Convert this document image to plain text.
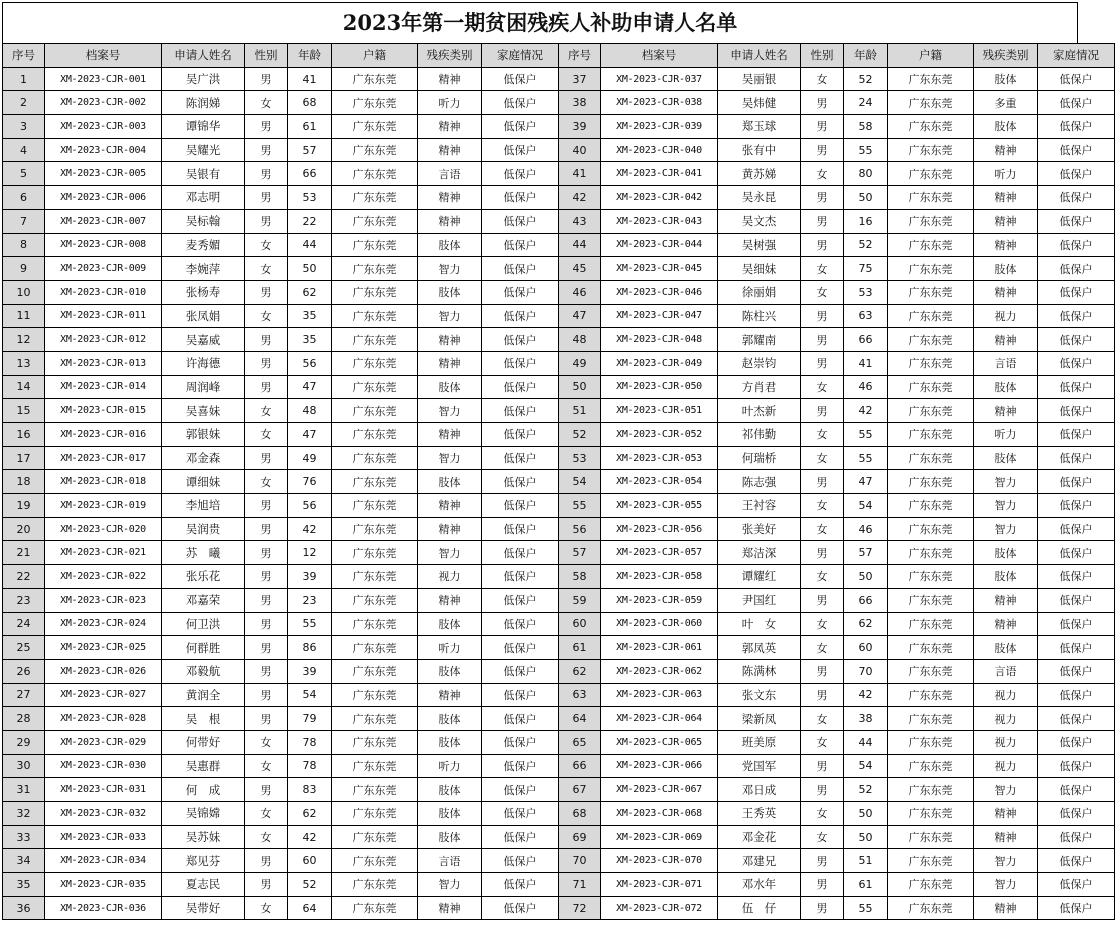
2023年第一期贫困残疾人补助申请人名单
序号	档案号	申请人姓名	性别	年龄	户籍	残疾类别	家庭情况	序号	档案号	申请人姓名	性别	年龄	户籍	残疾类别	家庭情况
1	XM-2023-CJR-001	吴广洪	男	41	广东东莞	精神	低保户	37	XM-2023-CJR-037	吴丽银	女	52	广东东莞	肢体	低保户
2	XM-2023-CJR-002	陈润娣	女	68	广东东莞	听力	低保户	38	XM-2023-CJR-038	吴炜健	男	24	广东东莞	多重	低保户
3	XM-2023-CJR-003	谭锦华	男	61	广东东莞	精神	低保户	39	XM-2023-CJR-039	郑玉球	男	58	广东东莞	肢体	低保户
4	XM-2023-CJR-004	吴耀光	男	57	广东东莞	精神	低保户	40	XM-2023-CJR-040	张有中	男	55	广东东莞	精神	低保户
5	XM-2023-CJR-005	吴银有	男	66	广东东莞	言语	低保户	41	XM-2023-CJR-041	黄苏娣	女	80	广东东莞	听力	低保户
6	XM-2023-CJR-006	邓志明	男	53	广东东莞	精神	低保户	42	XM-2023-CJR-042	吴永昆	男	50	广东东莞	精神	低保户
7	XM-2023-CJR-007	吴标翰	男	22	广东东莞	精神	低保户	43	XM-2023-CJR-043	吴文杰	男	16	广东东莞	精神	低保户
8	XM-2023-CJR-008	麦秀媚	女	44	广东东莞	肢体	低保户	44	XM-2023-CJR-044	吴树强	男	52	广东东莞	精神	低保户
9	XM-2023-CJR-009	李婉萍	女	50	广东东莞	智力	低保户	45	XM-2023-CJR-045	吴细妹	女	75	广东东莞	肢体	低保户
10	XM-2023-CJR-010	张杨寿	男	62	广东东莞	肢体	低保户	46	XM-2023-CJR-046	徐丽娟	女	53	广东东莞	精神	低保户
11	XM-2023-CJR-011	张凤娟	女	35	广东东莞	智力	低保户	47	XM-2023-CJR-047	陈柱兴	男	63	广东东莞	视力	低保户
12	XM-2023-CJR-012	吴嘉威	男	35	广东东莞	精神	低保户	48	XM-2023-CJR-048	郭耀南	男	66	广东东莞	精神	低保户
13	XM-2023-CJR-013	许海德	男	56	广东东莞	精神	低保户	49	XM-2023-CJR-049	赵崇钧	男	41	广东东莞	言语	低保户
14	XM-2023-CJR-014	周润峰	男	47	广东东莞	肢体	低保户	50	XM-2023-CJR-050	方肖君	女	46	广东东莞	肢体	低保户
15	XM-2023-CJR-015	吴喜妹	女	48	广东东莞	智力	低保户	51	XM-2023-CJR-051	叶杰新	男	42	广东东莞	精神	低保户
16	XM-2023-CJR-016	郭银妹	女	47	广东东莞	精神	低保户	52	XM-2023-CJR-052	祁伟勤	女	55	广东东莞	听力	低保户
17	XM-2023-CJR-017	邓金森	男	49	广东东莞	智力	低保户	53	XM-2023-CJR-053	何瑞桥	女	55	广东东莞	肢体	低保户
18	XM-2023-CJR-018	谭细妹	女	76	广东东莞	肢体	低保户	54	XM-2023-CJR-054	陈志强	男	47	广东东莞	智力	低保户
19	XM-2023-CJR-019	李旭培	男	56	广东东莞	精神	低保户	55	XM-2023-CJR-055	王衬容	女	54	广东东莞	智力	低保户
20	XM-2023-CJR-020	吴润贵	男	42	广东东莞	精神	低保户	56	XM-2023-CJR-056	张美好	女	46	广东东莞	智力	低保户
21	XM-2023-CJR-021	苏　曦	男	12	广东东莞	智力	低保户	57	XM-2023-CJR-057	郑洁深	男	57	广东东莞	肢体	低保户
22	XM-2023-CJR-022	张乐花	男	39	广东东莞	视力	低保户	58	XM-2023-CJR-058	谭耀红	女	50	广东东莞	肢体	低保户
23	XM-2023-CJR-023	邓嘉荣	男	23	广东东莞	精神	低保户	59	XM-2023-CJR-059	尹国红	男	66	广东东莞	精神	低保户
24	XM-2023-CJR-024	何卫洪	男	55	广东东莞	肢体	低保户	60	XM-2023-CJR-060	叶　女	女	62	广东东莞	精神	低保户
25	XM-2023-CJR-025	何群胜	男	86	广东东莞	听力	低保户	61	XM-2023-CJR-061	郭凤英	女	60	广东东莞	肢体	低保户
26	XM-2023-CJR-026	邓毅航	男	39	广东东莞	肢体	低保户	62	XM-2023-CJR-062	陈满林	男	70	广东东莞	言语	低保户
27	XM-2023-CJR-027	黄润全	男	54	广东东莞	精神	低保户	63	XM-2023-CJR-063	张文东	男	42	广东东莞	视力	低保户
28	XM-2023-CJR-028	吴　根	男	79	广东东莞	肢体	低保户	64	XM-2023-CJR-064	梁新凤	女	38	广东东莞	视力	低保户
29	XM-2023-CJR-029	何带好	女	78	广东东莞	肢体	低保户	65	XM-2023-CJR-065	班美原	女	44	广东东莞	视力	低保户
30	XM-2023-CJR-030	吴惠群	女	78	广东东莞	听力	低保户	66	XM-2023-CJR-066	党国军	男	54	广东东莞	视力	低保户
31	XM-2023-CJR-031	何　成	男	83	广东东莞	肢体	低保户	67	XM-2023-CJR-067	邓日成	男	52	广东东莞	智力	低保户
32	XM-2023-CJR-032	吴锦嫦	女	62	广东东莞	肢体	低保户	68	XM-2023-CJR-068	王秀英	女	50	广东东莞	精神	低保户
33	XM-2023-CJR-033	吴苏妹	女	42	广东东莞	肢体	低保户	69	XM-2023-CJR-069	邓金花	女	50	广东东莞	精神	低保户
34	XM-2023-CJR-034	郑见芬	男	60	广东东莞	言语	低保户	70	XM-2023-CJR-070	邓建兄	男	51	广东东莞	智力	低保户
35	XM-2023-CJR-035	夏志民	男	52	广东东莞	智力	低保户	71	XM-2023-CJR-071	邓水年	男	61	广东东莞	智力	低保户
36	XM-2023-CJR-036	吴带好	女	64	广东东莞	精神	低保户	72	XM-2023-CJR-072	伍　仔	男	55	广东东莞	精神	低保户
